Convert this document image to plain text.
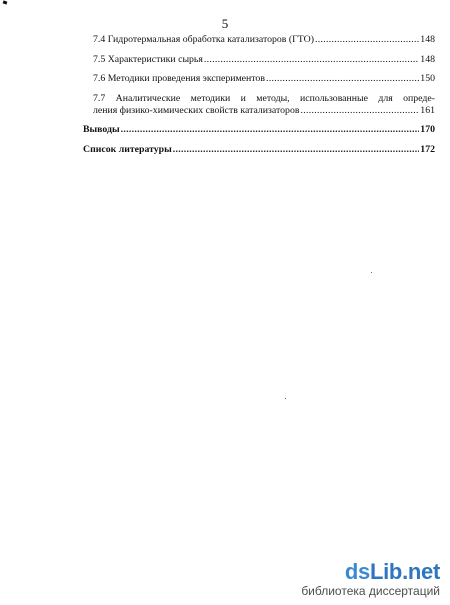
5
7.4 Гидротермальная обработка катализаторов (ГТО) .....	148
7.5 Характеристики сырья .....	148
7.6 Методики проведения экспериментов .....	150
7.7 Аналитические методики и методы, использованные для опреде-
ления физико-химических свойств катализаторов .....	161
Выводы .....	170
Список литературы .....	172
dsLib.net
библиотека диссертаций
